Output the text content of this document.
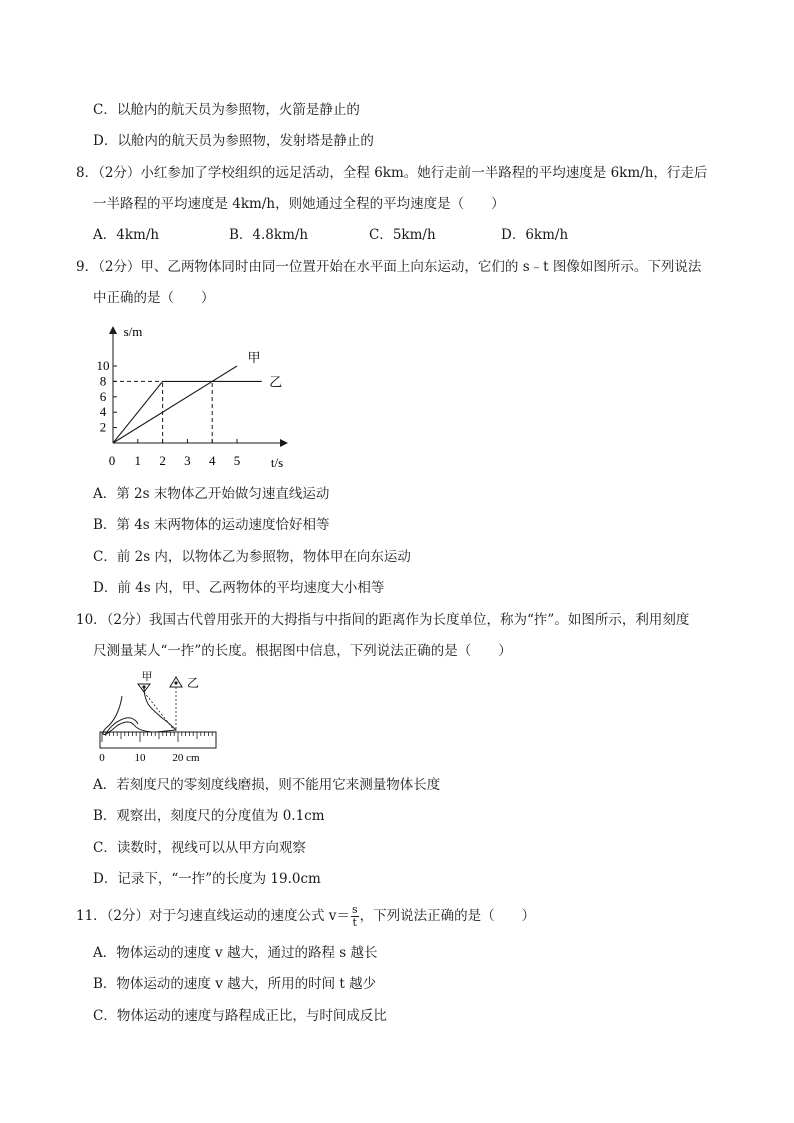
C．以舱内的航天员为参照物，火箭是静止的
D．以舱内的航天员为参照物，发射塔是静止的
8．（2分）小红参加了学校组织的远足活动，全程 6km。她行走前一半路程的平均速度是 6km/h，行走后
一半路程的平均速度是 4km/h，则她通过全程的平均速度是（　　）
A．4km/h	B．4.8km/h	C．5km/h	D．6km/h
9．（2分）甲、乙两物体同时由同一位置开始在水平面上向东运动，它们的 s﹣t 图像如图所示。下列说法
中正确的是（　　）
s/m
t/s
0 1 2 3 4 5
2
4
6
8
10
甲
乙
A．第 2s 末物体乙开始做匀速直线运动
B．第 4s 末两物体的运动速度恰好相等
C．前 2s 内，以物体乙为参照物，物体甲在向东运动
D．前 4s 内，甲、乙两物体的平均速度大小相等
10．（2分）我国古代曾用张开的大拇指与中指间的距离作为长度单位，称为“拃”。如图所示，利用刻度
尺测量某人“一拃”的长度。根据图中信息，下列说法正确的是（　　）
甲	乙
0	10 20 cm
A．若刻度尺的零刻度线磨损，则不能用它来测量物体长度
B．观察出，刻度尺的分度值为 0.1cm
C．读数时，视线可以从甲方向观察
D．记录下，“一拃”的长度为 19.0cm
11．（2分）对于匀速直线运动的速度公式 $v= \frac{s}{t}$ ，下列说法正确的是（　　）
A．物体运动的速度 v 越大，通过的路程 s 越长
B．物体运动的速度 v 越大，所用的时间 t 越少
C．物体运动的速度与路程成正比，与时间成反比
